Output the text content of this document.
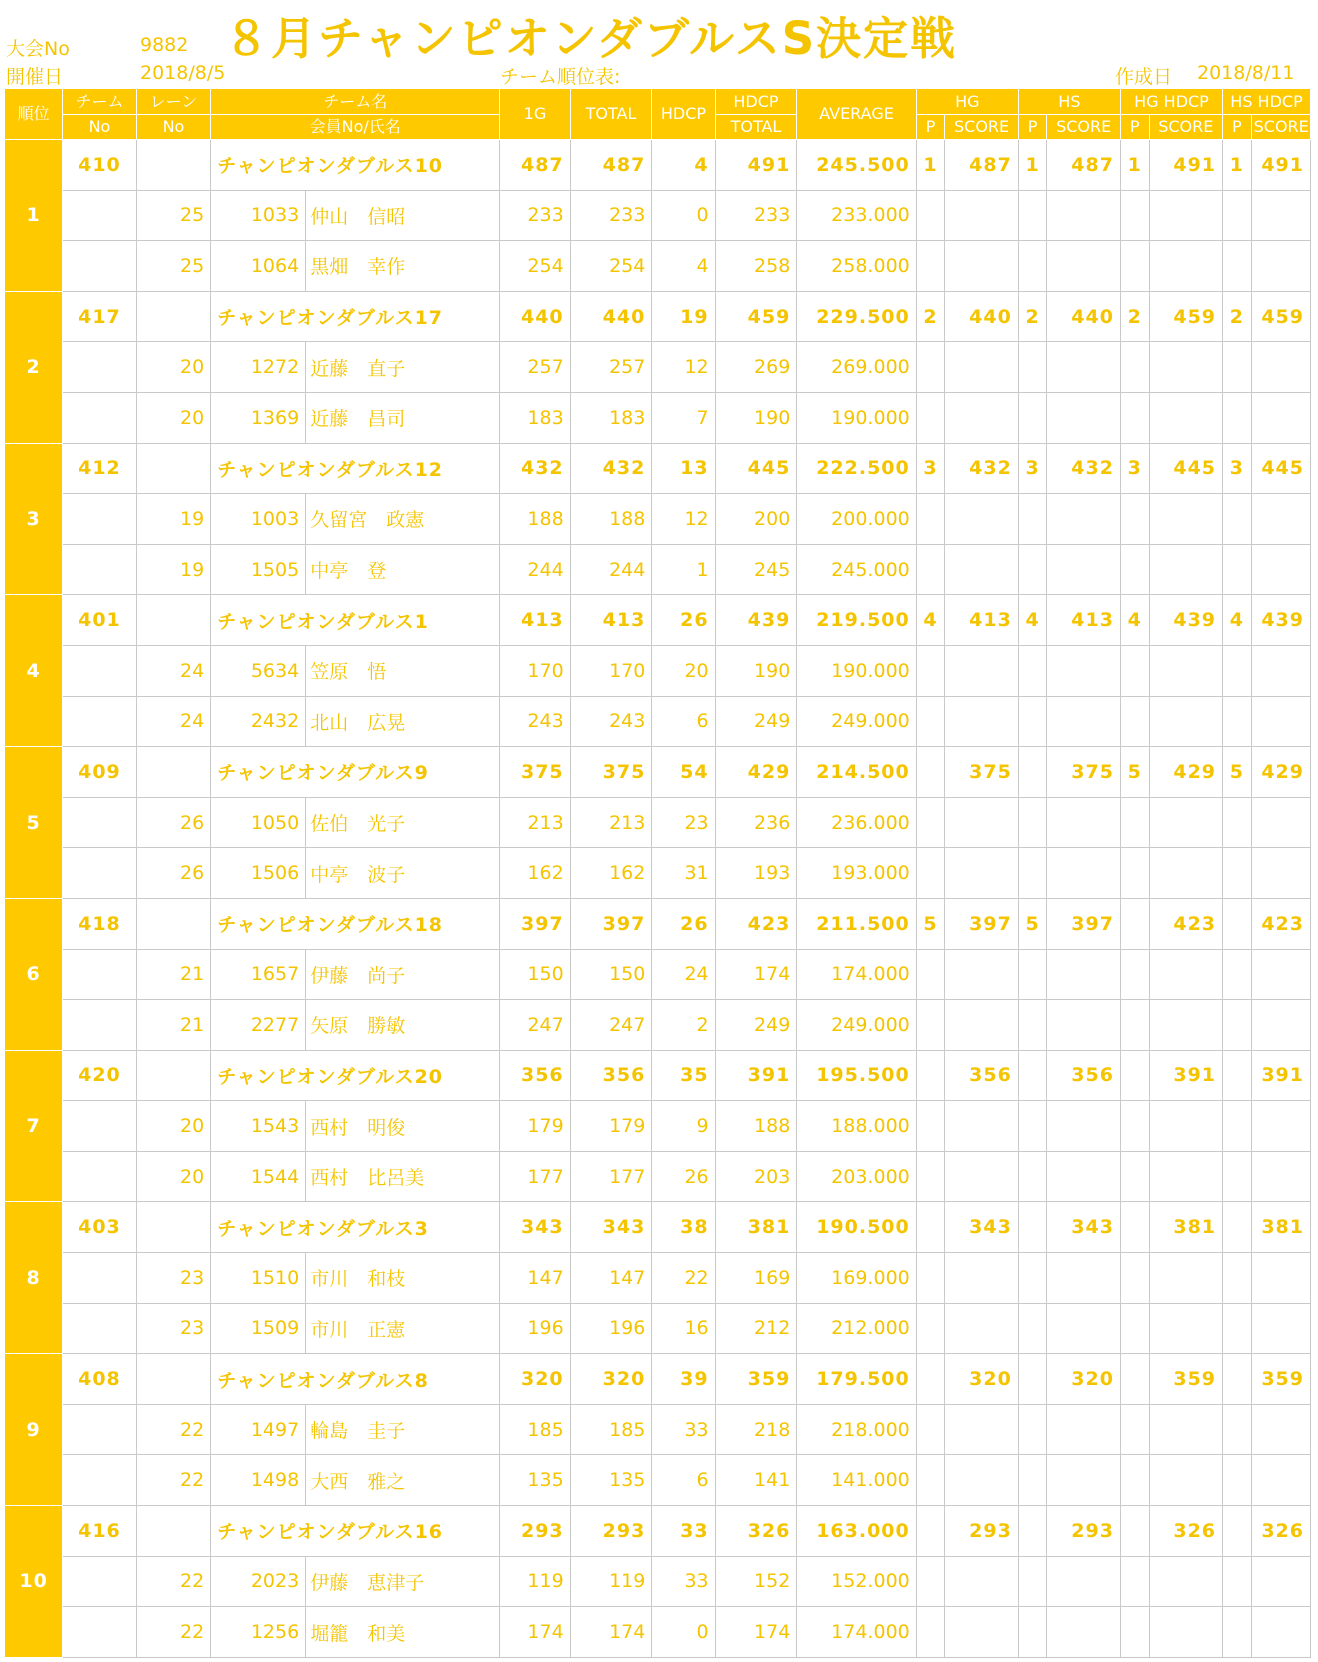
大会No	9882 ８月チャンピオンダブルスS決定戦
開催日	2018/8/5	チーム順位表:	作成日 2018/8/11
順位	チーム	レーン	チーム名		1G	TOTAL	HDCP	HDCP	AVERAGE	HG		HS		HG HDCP		HS HDCP	
	No	No	会員No/氏名					TOTAL		P	SCORE	P	SCORE	P	SCORE	P	SCORE
1	410		チャンピオンダブルス10		487	487	4	491	245.500	1	487	1	487	1	491	1	491
		25	1033	仲山　信昭	233	233	0	233	233.000								
		25	1064	黒畑　幸作	254	254	4	258	258.000								
2	417		チャンピオンダブルス17		440	440	19	459	229.500	2	440	2	440	2	459	2	459
		20	1272	近藤　直子	257	257	12	269	269.000								
		20	1369	近藤　昌司	183	183	7	190	190.000								
3	412		チャンピオンダブルス12		432	432	13	445	222.500	3	432	3	432	3	445	3	445
		19	1003	久留宮　政憲	188	188	12	200	200.000								
		19	1505	中亭　登	244	244	1	245	245.000								
4	401		チャンピオンダブルス1		413	413	26	439	219.500	4	413	4	413	4	439	4	439
		24	5634	笠原　悟	170	170	20	190	190.000								
		24	2432	北山　広晃	243	243	6	249	249.000								
5	409		チャンピオンダブルス9		375	375	54	429	214.500		375		375	5	429	5	429
		26	1050	佐伯　光子	213	213	23	236	236.000								
		26	1506	中亭　波子	162	162	31	193	193.000								
6	418		チャンピオンダブルス18		397	397	26	423	211.500	5	397	5	397		423		423
		21	1657	伊藤　尚子	150	150	24	174	174.000								
		21	2277	矢原　勝敏	247	247	2	249	249.000								
7	420		チャンピオンダブルス20		356	356	35	391	195.500		356		356		391		391
		20	1543	西村　明俊	179	179	9	188	188.000								
		20	1544	西村　比呂美	177	177	26	203	203.000								
8	403		チャンピオンダブルス3		343	343	38	381	190.500		343		343		381		381
		23	1510	市川　和枝	147	147	22	169	169.000								
		23	1509	市川　正憲	196	196	16	212	212.000								
9	408		チャンピオンダブルス8		320	320	39	359	179.500		320		320		359		359
		22	1497	輪島　圭子	185	185	33	218	218.000								
		22	1498	大西　雅之	135	135	6	141	141.000								
10	416		チャンピオンダブルス16		293	293	33	326	163.000		293		293		326		326
		22	2023	伊藤　恵津子	119	119	33	152	152.000								
		22	1256	堀籠　和美	174	174	0	174	174.000								
